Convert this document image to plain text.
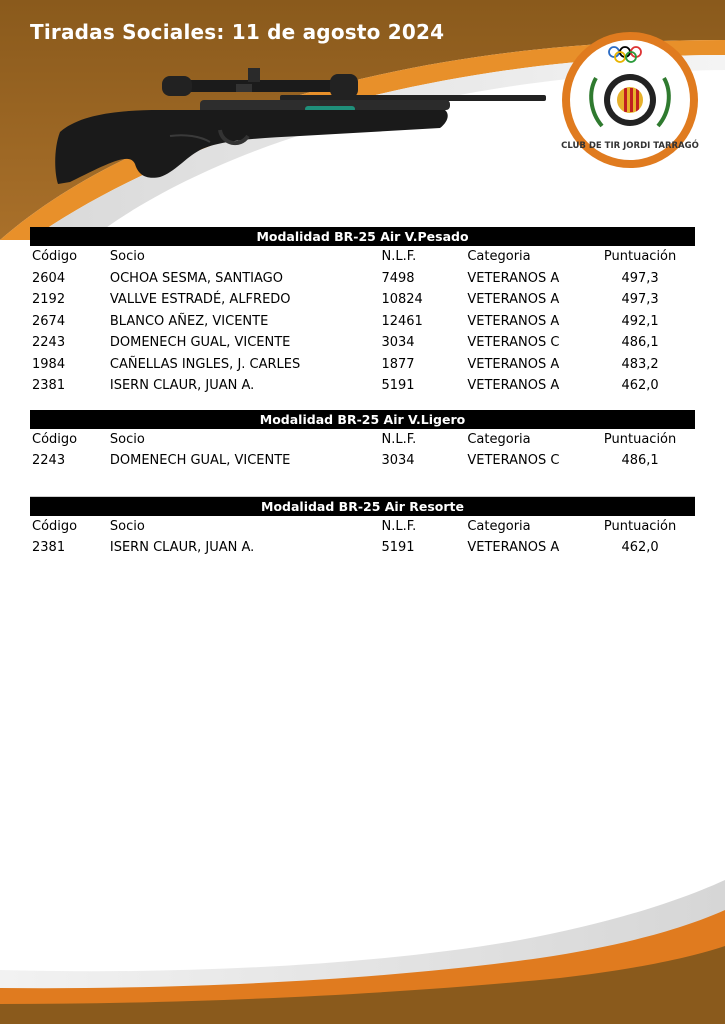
Tiradas Sociales: 11 de agosto 2024
CLUB DE TIR JORDI TARRAGÓ
Modalidad BR-25 Air V.Pesado
Código	Socio	N.L.F.	Categoria	Puntuación
2604	OCHOA SESMA, SANTIAGO	7498	VETERANOS A	497,3
2192	VALLVE ESTRADÉ, ALFREDO	10824	VETERANOS A	497,3
2674	BLANCO AÑEZ, VICENTE	12461	VETERANOS A	492,1
2243	DOMENECH GUAL, VICENTE	3034	VETERANOS C	486,1
1984	CAÑELLAS INGLES, J. CARLES	1877	VETERANOS A	483,2
2381	ISERN CLAUR, JUAN A.	5191	VETERANOS A	462,0
Modalidad BR-25 Air V.Ligero
Código	Socio	N.L.F.	Categoria	Puntuación
2243	DOMENECH GUAL, VICENTE	3034	VETERANOS C	486,1
Modalidad BR-25 Air Resorte
Código	Socio	N.L.F.	Categoria	Puntuación
2381	ISERN CLAUR, JUAN A.	5191	VETERANOS A	462,0
